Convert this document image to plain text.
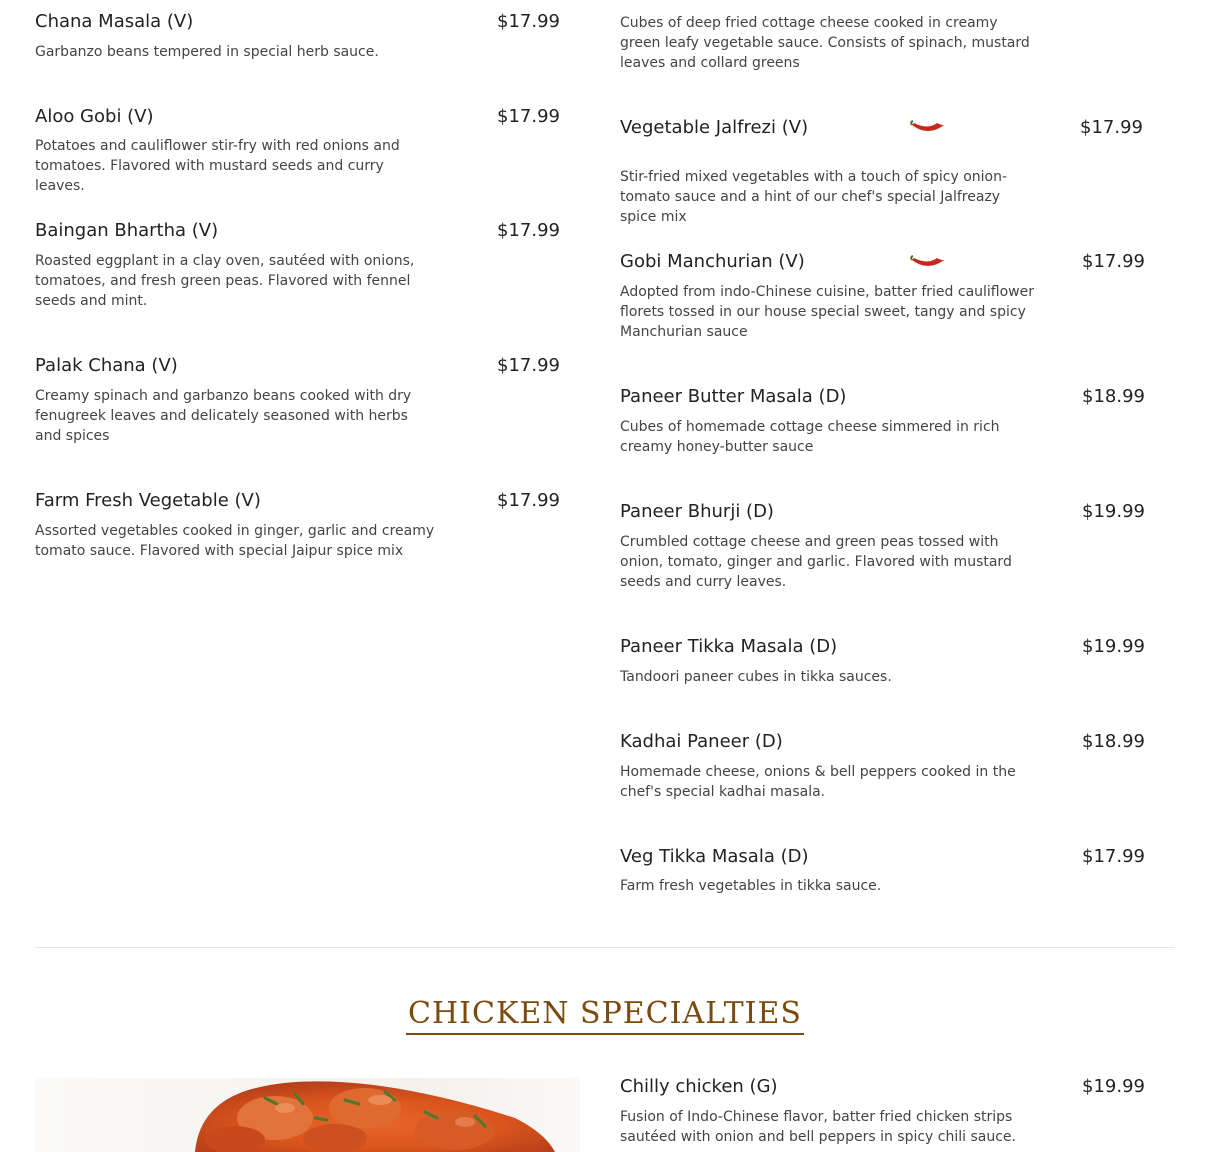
Chana Masala (V)	$17.99
Garbanzo beans tempered in special herb sauce.
Aloo Gobi (V)	$17.99
Potatoes and cauliflower stir-fry with red onions and tomatoes. Flavored with mustard seeds and curry leaves.
Baingan Bhartha (V)	$17.99
Roasted eggplant in a clay oven, sautéed with onions, tomatoes, and fresh green peas. Flavored with fennel seeds and mint.
Palak Chana (V)	$17.99
Creamy spinach and garbanzo beans cooked with dry fenugreek leaves and delicately seasoned with herbs and spices
Farm Fresh Vegetable (V)	$17.99
Assorted vegetables cooked in ginger, garlic and creamy tomato sauce. Flavored with special Jaipur spice mix
Cubes of deep fried cottage cheese cooked in creamy green leafy vegetable sauce. Consists of spinach, mustard leaves and collard greens
Vegetable Jalfrezi (V)	$17.99
Stir-fried mixed vegetables with a touch of spicy onion-tomato sauce and a hint of our chef's special Jalfreazy spice mix
Gobi Manchurian (V)	$17.99
Adopted from indo-Chinese cuisine, batter fried cauliflower florets tossed in our house special sweet, tangy and spicy Manchurian sauce
Paneer Butter Masala (D)	$18.99
Cubes of homemade cottage cheese simmered in rich creamy honey-butter sauce
Paneer Bhurji (D)	$19.99
Crumbled cottage cheese and green peas tossed with onion, tomato, ginger and garlic. Flavored with mustard seeds and curry leaves.
Paneer Tikka Masala (D)	$19.99
Tandoori paneer cubes in tikka sauces.
Kadhai Paneer (D)	$18.99
Homemade cheese, onions & bell peppers cooked in the chef's special kadhai masala.
Veg Tikka Masala (D)	$17.99
Farm fresh vegetables in tikka sauce.
CHICKEN SPECIALTIES
Chilly chicken (G)	$19.99
Fusion of Indo-Chinese flavor, batter fried chicken strips sautéed with onion and bell peppers in spicy chili sauce.
